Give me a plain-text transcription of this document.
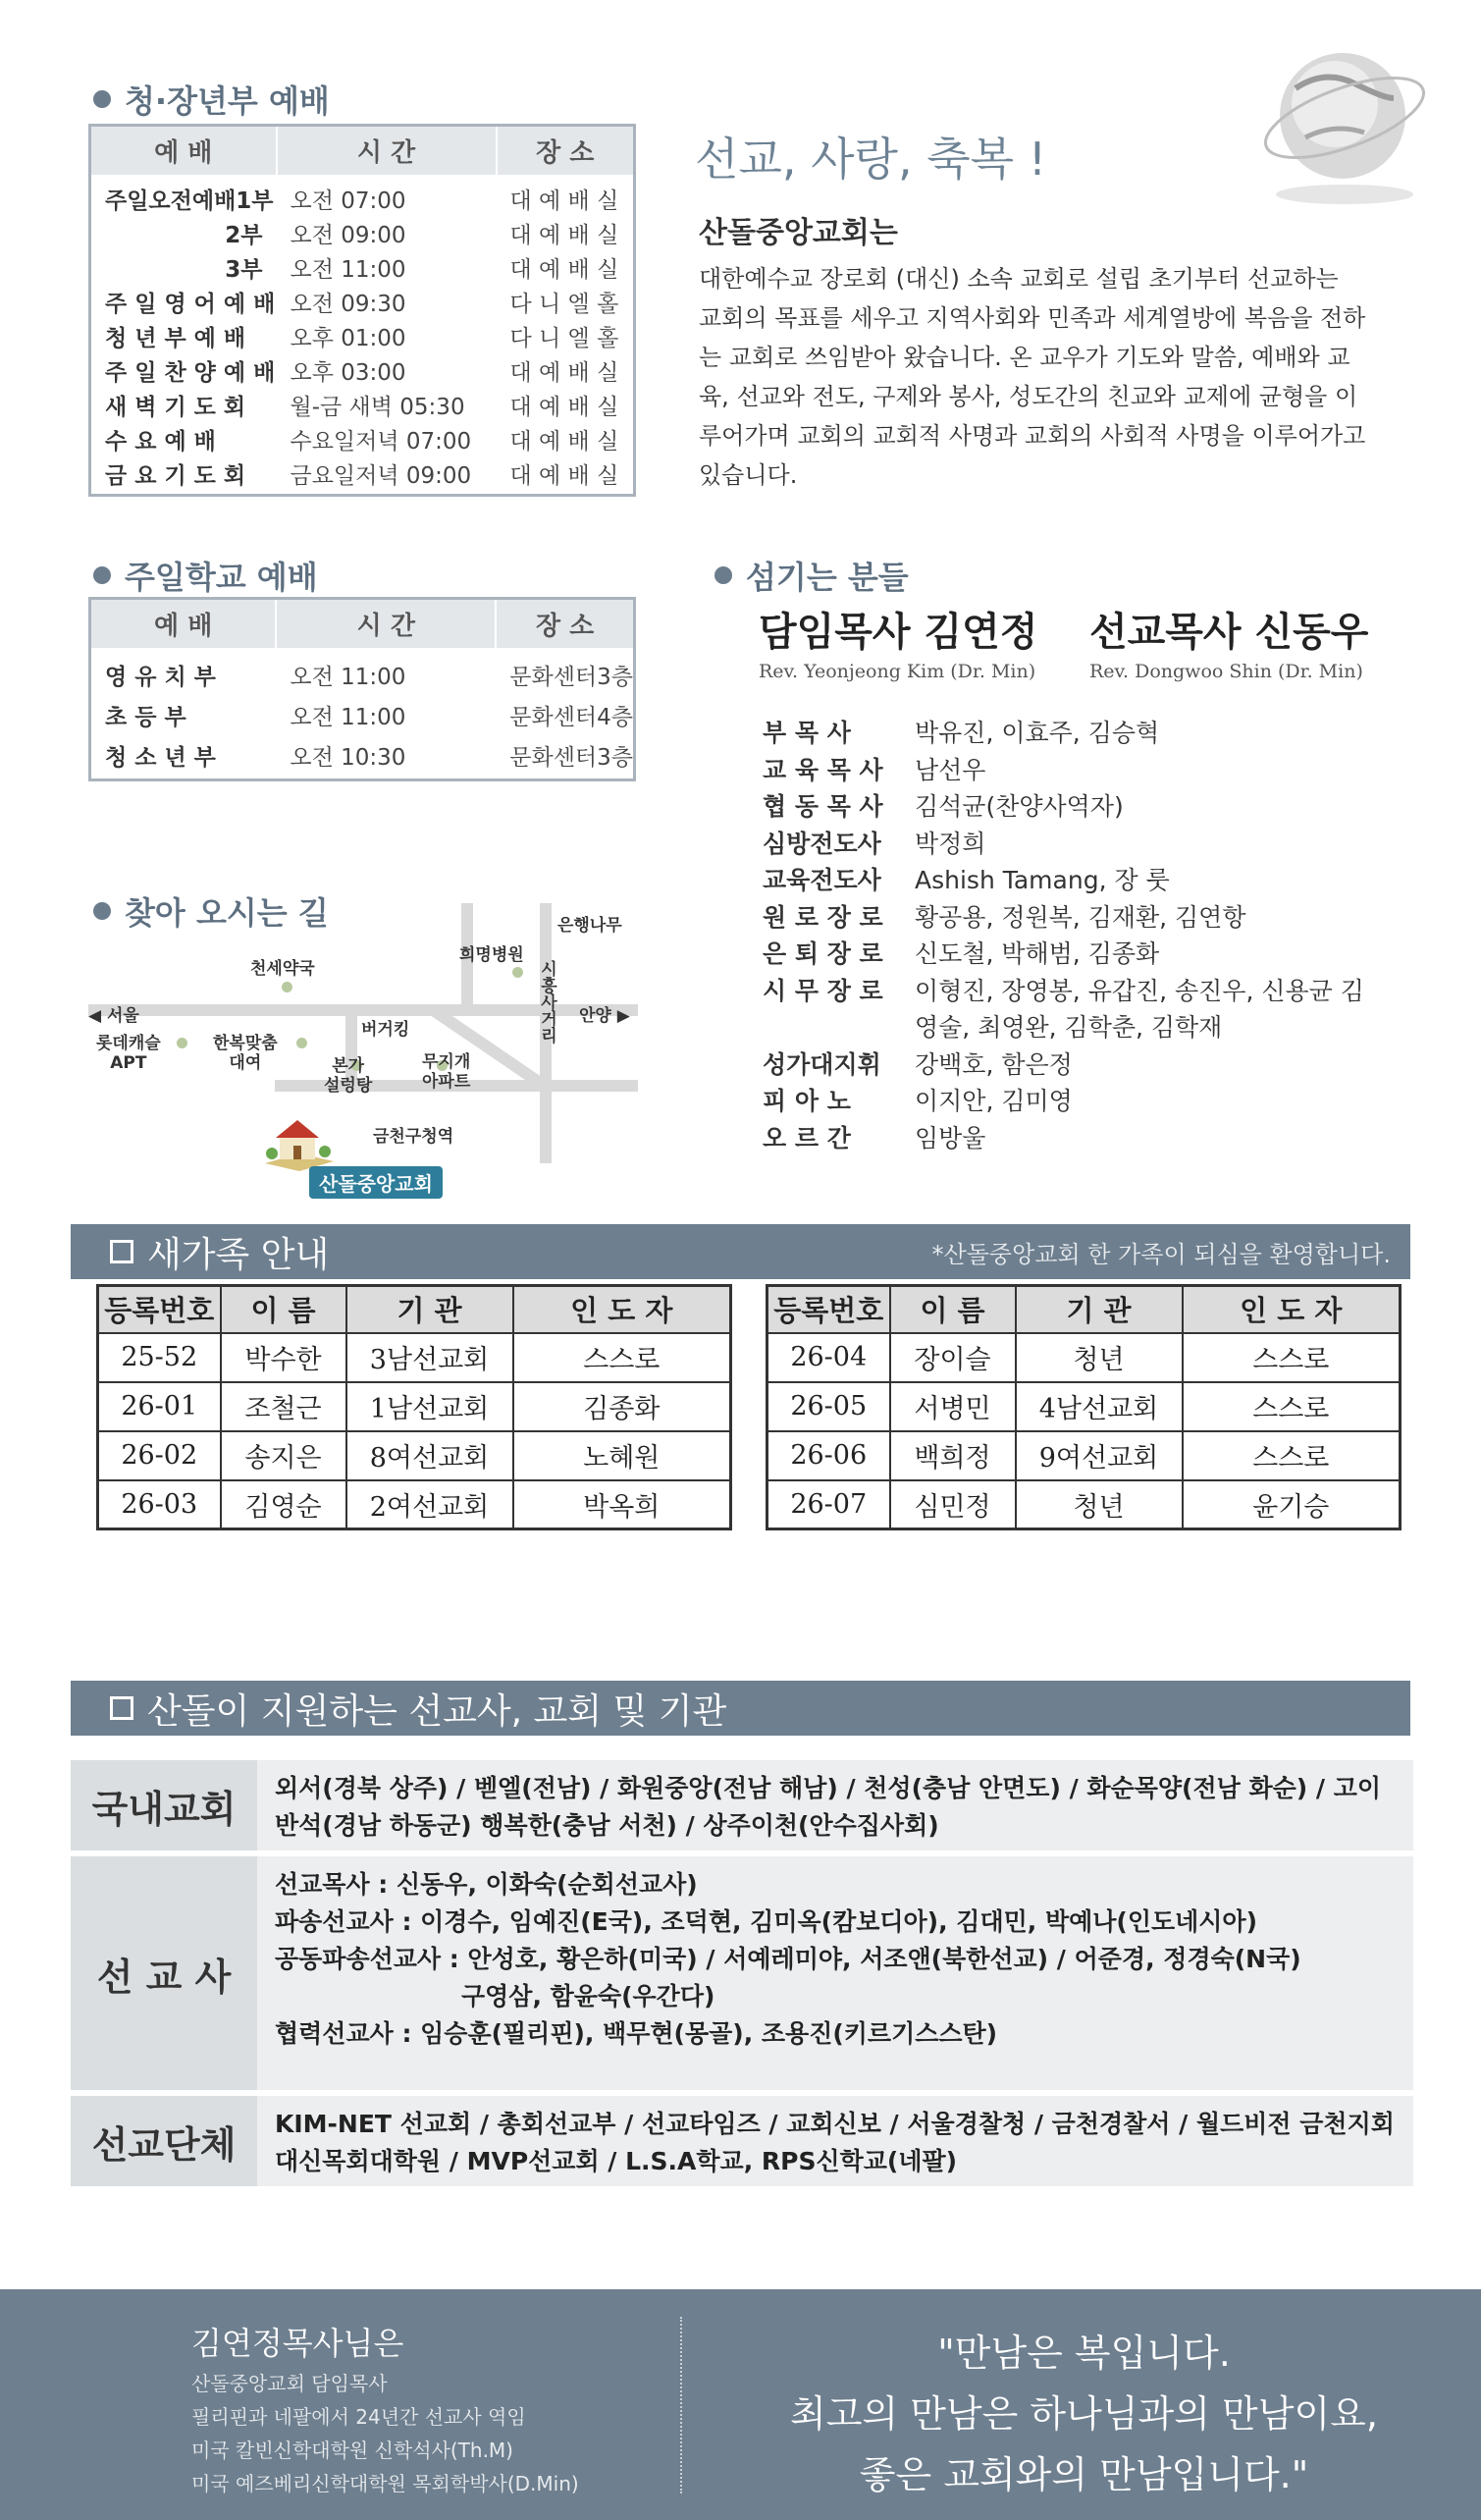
청·장년부 예배
예 배	시 간	장 소

주일오전예배1부	오전 07:00	대 예 배 실
2부	오전 09:00	대 예 배 실
3부	오전 11:00	대 예 배 실
주 일 영 어 예 배	오전 09:30	다 니 엘 홀
청 년 부 예 배	오후 01:00	다 니 엘 홀
주 일 찬 양 예 배	오후 03:00	대 예 배 실
새 벽 기 도 회	월-금 새벽 05:30	대 예 배 실
수 요 예 배	수요일저녁 07:00	대 예 배 실
금 요 기 도 회	금요일저녁 09:00	대 예 배 실
주일학교 예배
예 배	시 간	장 소

영 유 치 부	오전 11:00	문화센터3층
초 등 부	오전 11:00	문화센터4층
청 소 년 부	오전 10:30	문화센터3층
찾아 오시는 길	은행나무
희명병원
천세약국
◀ 서울	안양 ▶
시흥사거리
롯데캐슬
APT
한복맞춤
대여
버거킹
본가
설렁탕
무지개
아파트
금천구청역
산돌중앙교회
선교, 사랑, 축복 !
산돌중앙교회는
대한예수교 장로회 (대신) 소속 교회로 설립 초기부터 선교하는 교회의 목표를 세우고 지역사회와 민족과 세계열방에 복음을 전하는 교회로 쓰임받아 왔습니다. 온 교우가 기도와 말씀, 예배와 교육, 선교와 전도, 구제와 봉사, 성도간의 친교와 교제에 균형을 이루어가며 교회의 교회적 사명과 교회의 사회적 사명을 이루어가고 있습니다.
섬기는 분들
담임목사 김연정
Rev. Yeonjeong Kim (Dr. Min)
선교목사 신동우
Rev. Dongwoo Shin (Dr. Min)
부 목 사	박유진, 이효주, 김승혁
교 육 목 사	남선우
협 동 목 사	김석균(찬양사역자)
심방전도사	박정희
교육전도사	Ashish Tamang, 장 룻
원 로 장 로	황공용, 정원복, 김재환, 김연항
은 퇴 장 로	신도철, 박해범, 김종화
시 무 장 로	이형진, 장영봉, 유갑진, 송진우, 신용균 김영술, 최영완, 김학춘, 김학재
성가대지휘	강백호, 함은정
피 아 노	이지안, 김미영
오 르 간	임방울
새가족 안내	*산돌중앙교회 한 가족이 되심을 환영합니다.
등록번호	이 름	기 관	인 도 자
25-52	박수한	3남선교회	스스로
26-01	조철근	1남선교회	김종화
26-02	송지은	8여선교회	노혜원
26-03	김영순	2여선교회	박옥희
등록번호	이 름	기 관	인 도 자
26-04	장이슬	청년	스스로
26-05	서병민	4남선교회	스스로
26-06	백희정	9여선교회	스스로
26-07	심민정	청년	윤기승
산돌이 지원하는 선교사, 교회 및 기관
국내교회	외서(경북 상주) / 벧엘(전남) / 화원중앙(전남 해남) / 천성(충남 안면도) / 화순목양(전남 화순) / 고이반석(경남 하동군) 행복한(충남 서천) / 상주이천(안수집사회)
선 교 사
선교목사 : 신동우, 이화숙(순회선교사)
파송선교사 : 이경수, 임예진(E국), 조덕현, 김미옥(캄보디아), 김대민, 박예나(인도네시아)
공동파송선교사 : 안성호, 황은하(미국) / 서예레미야, 서조앤(북한선교) / 어준경, 정경숙(N국)
구영삼, 함윤숙(우간다)
협력선교사 : 임승훈(필리핀), 백무현(몽골), 조용진(키르기스스탄)
선교단체	KIM-NET 선교회 / 총회선교부 / 선교타임즈 / 교회신보 / 서울경찰청 / 금천경찰서 / 월드비전 금천지회
대신목회대학원 / MVP선교회 / L.S.A학교, RPS신학교(네팔)
김연정목사님은
산돌중앙교회 담임목사
필리핀과 네팔에서 24년간 선교사 역임
미국 칼빈신학대학원 신학석사(Th.M)
미국 예즈베리신학대학원 목회학박사(D.Min)
"만남은 복입니다.
최고의 만남은 하나님과의 만남이요,
좋은 교회와의 만남입니다."
